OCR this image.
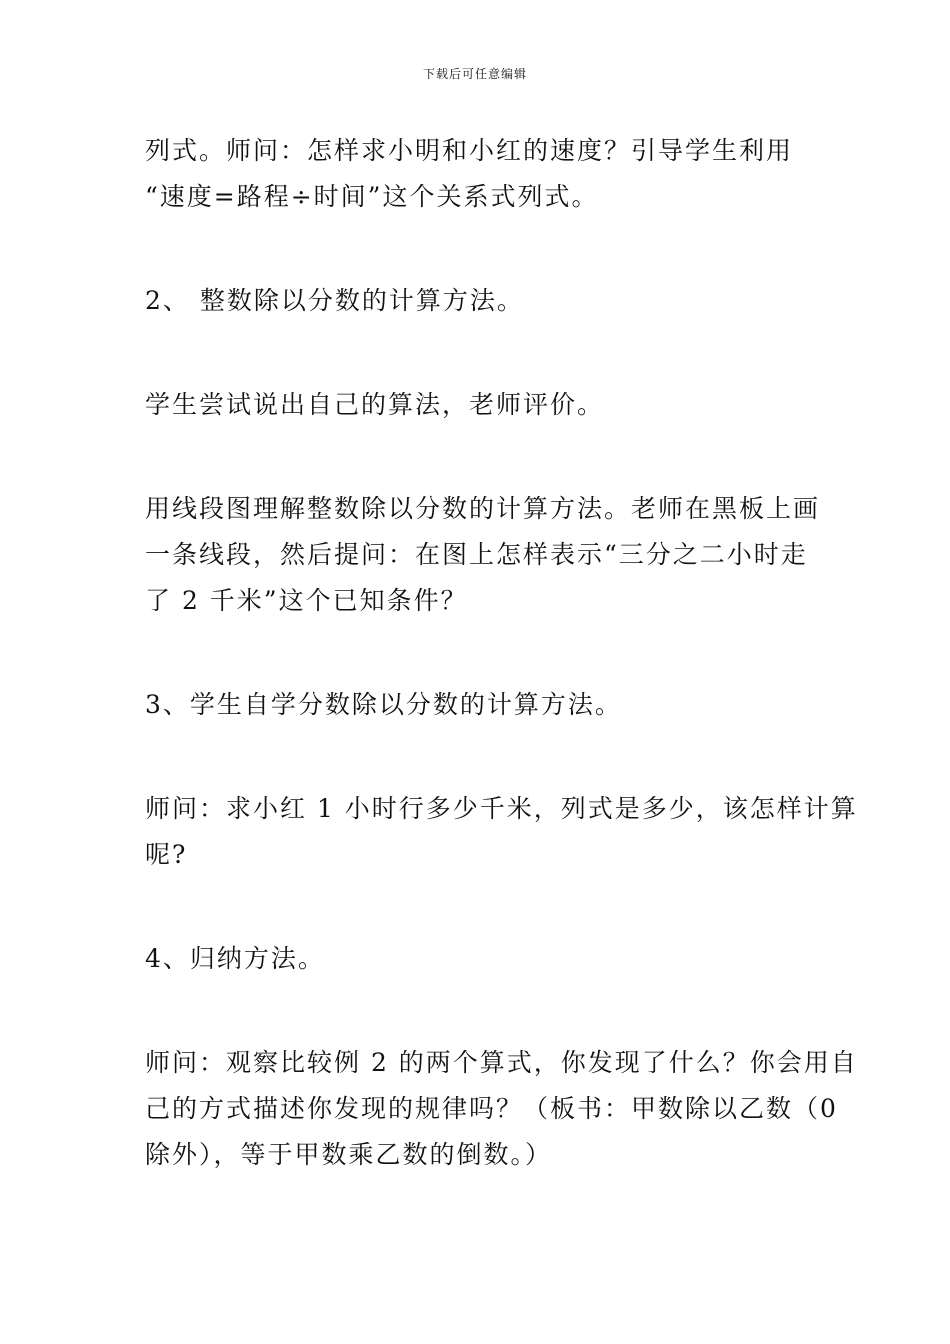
下载后可任意编辑

列式。师问：怎样求小明和小红的速度？引导学生利用
“速度=路程÷时间”这个关系式列式。

2、 整数除以分数的计算方法。

学生尝试说出自己的算法，老师评价。

用线段图理解整数除以分数的计算方法。老师在黑板上画
一条线段，然后提问：在图上怎样表示“三分之二小时走
了 2 千米”这个已知条件？

3、学生自学分数除以分数的计算方法。

师问：求小红 1 小时行多少千米，列式是多少，该怎样计算
呢?

4、归纳方法。

师问：观察比较例 2 的两个算式，你发现了什么？你会用自
己的方式描述你发现的规律吗？（板书：甲数除以乙数（0
除外），等于甲数乘乙数的倒数。）
